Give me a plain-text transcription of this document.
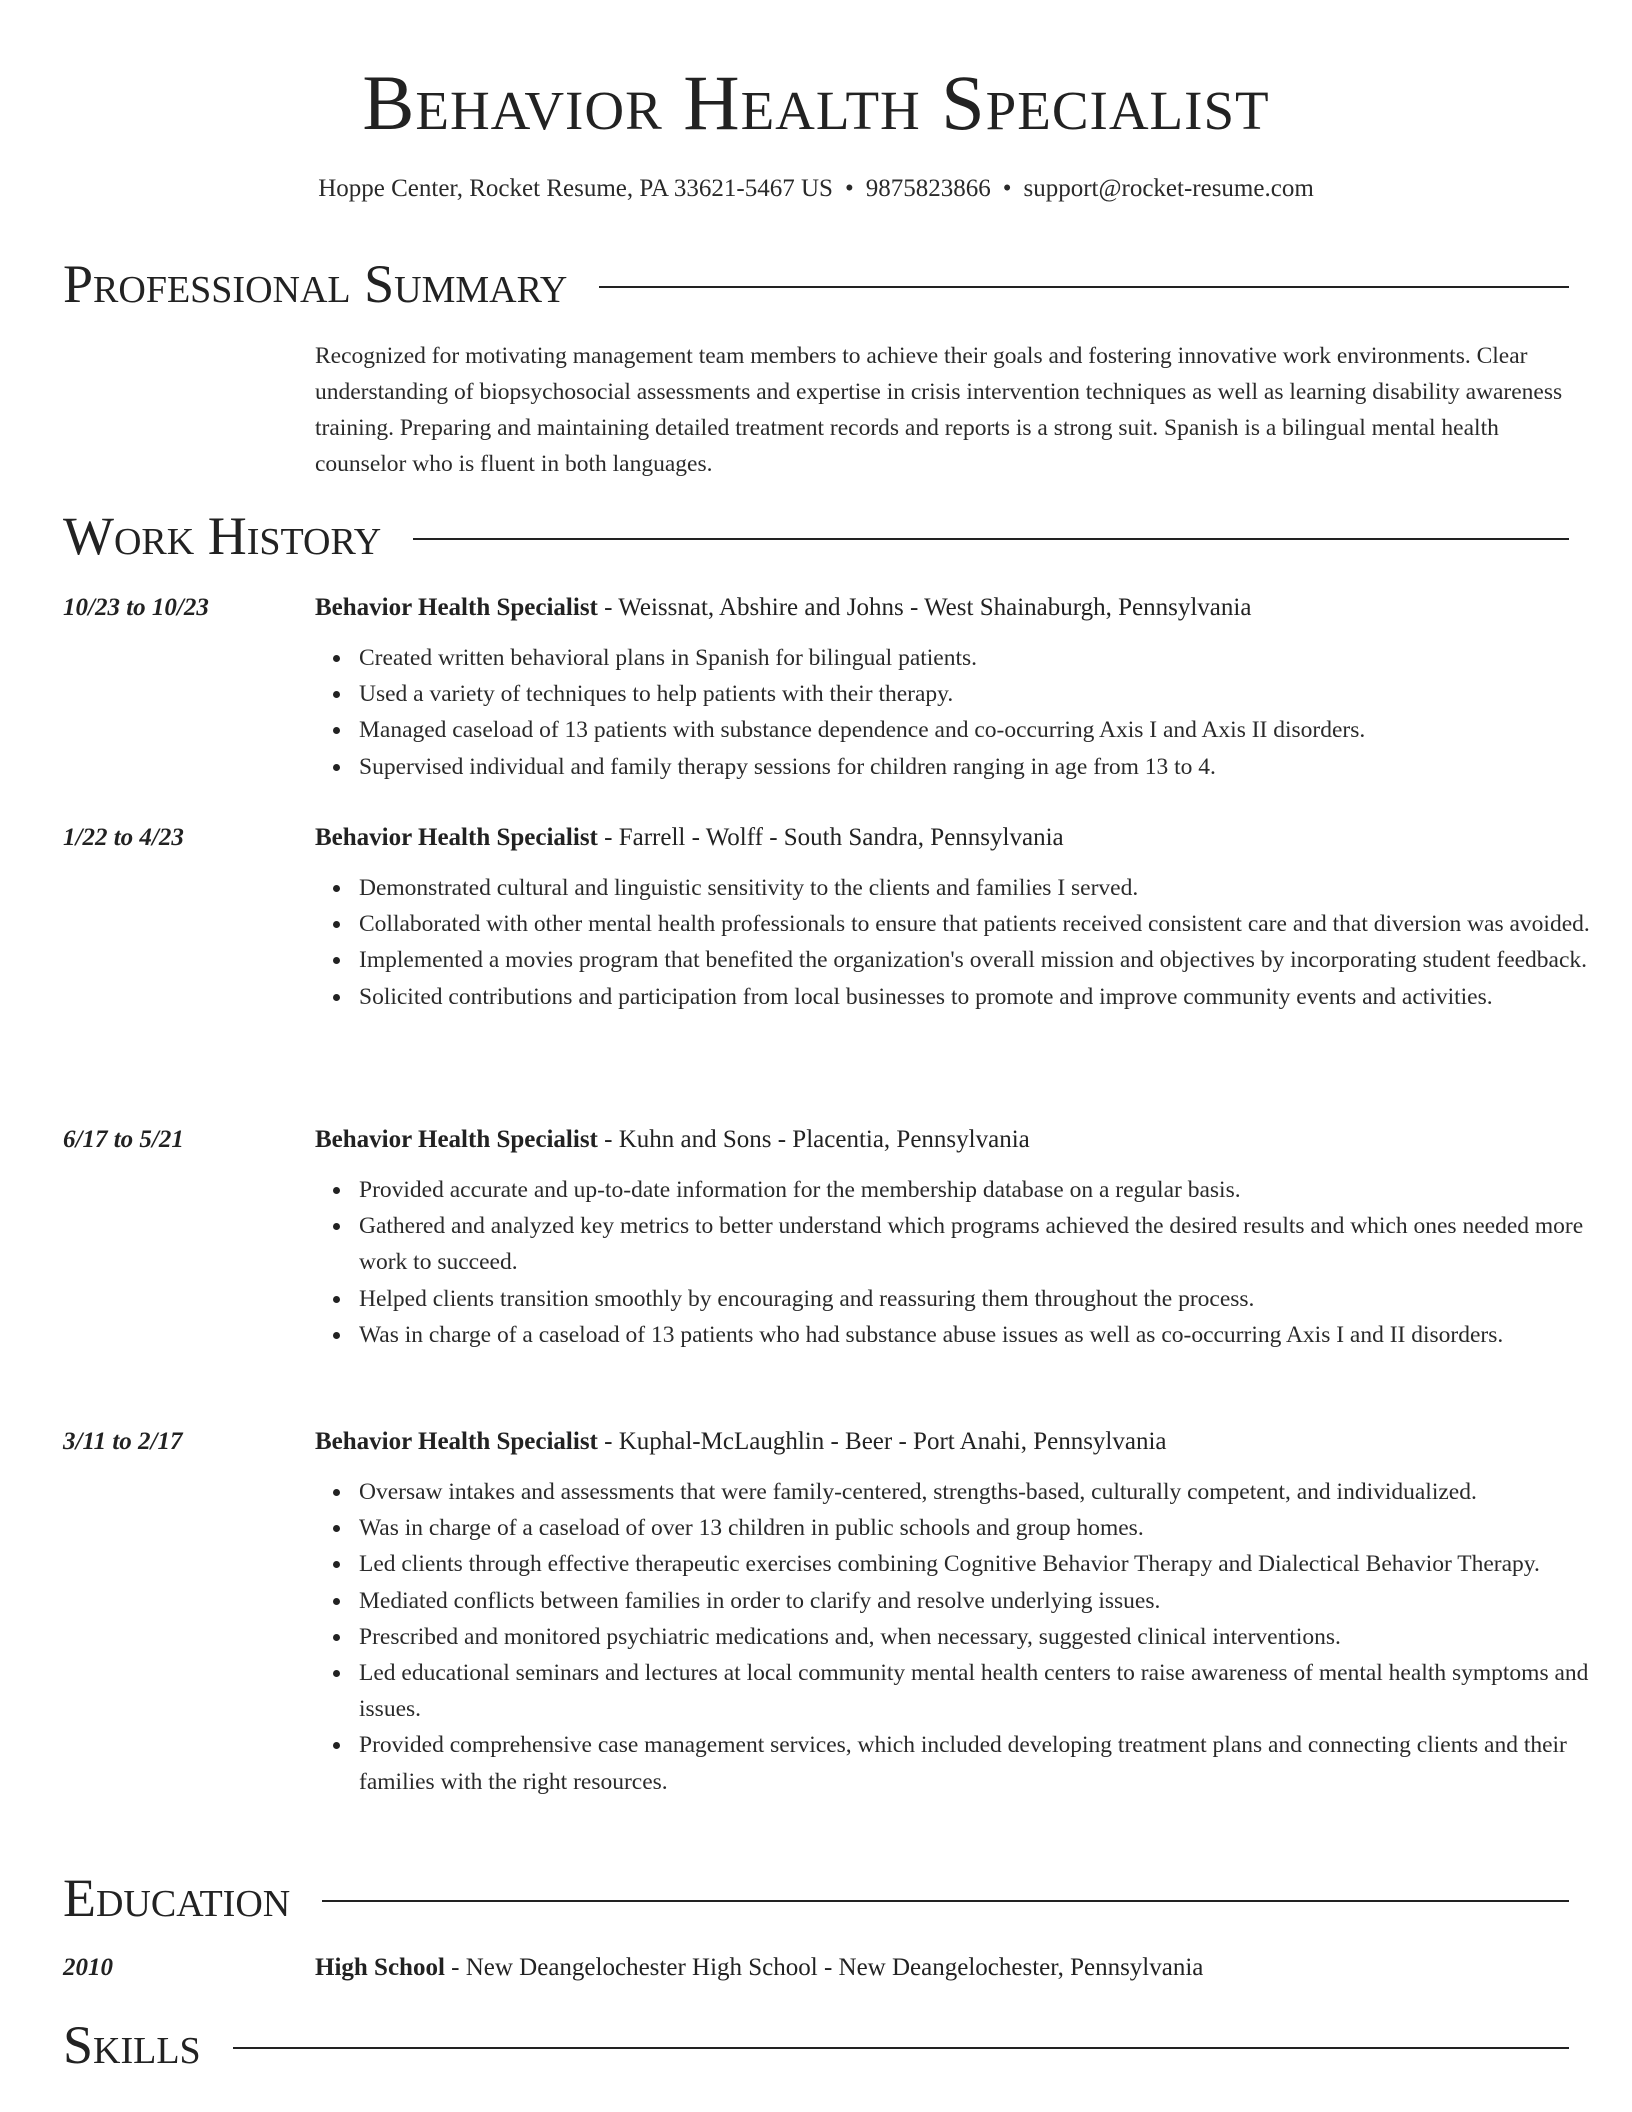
Behavior Health Specialist
Hoppe Center, Rocket Resume, PA 33621-5467 US • 9875823866 • support@rocket-resume.com
Professional Summary

Recognized for motivating management team members to achieve their goals and fostering innovative work environments. Clear understanding of biopsychosocial assessments and expertise in crisis intervention techniques as well as learning disability awareness training. Preparing and maintaining detailed treatment records and reports is a strong suit. Spanish is a bilingual mental health counselor who is fluent in both languages.

Work History
10/23 to 10/23	Behavior Health Specialist - Weissnat, Abshire and Johns - West Shainaburgh, Pennsylvania
Created written behavioral plans in Spanish for bilingual patients.
Used a variety of techniques to help patients with their therapy.
Managed caseload of 13 patients with substance dependence and co-occurring Axis I and Axis II disorders.
Supervised individual and family therapy sessions for children ranging in age from 13 to 4.
1/22 to 4/23	Behavior Health Specialist - Farrell - Wolff - South Sandra, Pennsylvania
Demonstrated cultural and linguistic sensitivity to the clients and families I served.
Collaborated with other mental health professionals to ensure that patients received consistent care and that diversion was avoided.
Implemented a movies program that benefited the organization's overall mission and objectives by incorporating student feedback.
Solicited contributions and participation from local businesses to promote and improve community events and activities.
6/17 to 5/21	Behavior Health Specialist - Kuhn and Sons - Placentia, Pennsylvania
Provided accurate and up-to-date information for the membership database on a regular basis.
Gathered and analyzed key metrics to better understand which programs achieved the desired results and which ones needed more work to succeed.
Helped clients transition smoothly by encouraging and reassuring them throughout the process.
Was in charge of a caseload of 13 patients who had substance abuse issues as well as co-occurring Axis I and II disorders.
3/11 to 2/17	Behavior Health Specialist - Kuphal-McLaughlin - Beer - Port Anahi, Pennsylvania
Oversaw intakes and assessments that were family-centered, strengths-based, culturally competent, and individualized.
Was in charge of a caseload of over 13 children in public schools and group homes.
Led clients through effective therapeutic exercises combining Cognitive Behavior Therapy and Dialectical Behavior Therapy.
Mediated conflicts between families in order to clarify and resolve underlying issues.
Prescribed and monitored psychiatric medications and, when necessary, suggested clinical interventions.
Led educational seminars and lectures at local community mental health centers to raise awareness of mental health symptoms and issues.
Provided comprehensive case management services, which included developing treatment plans and connecting clients and their families with the right resources.
Education
2010	High School - New Deangelochester High School - New Deangelochester, Pennsylvania
Skills
